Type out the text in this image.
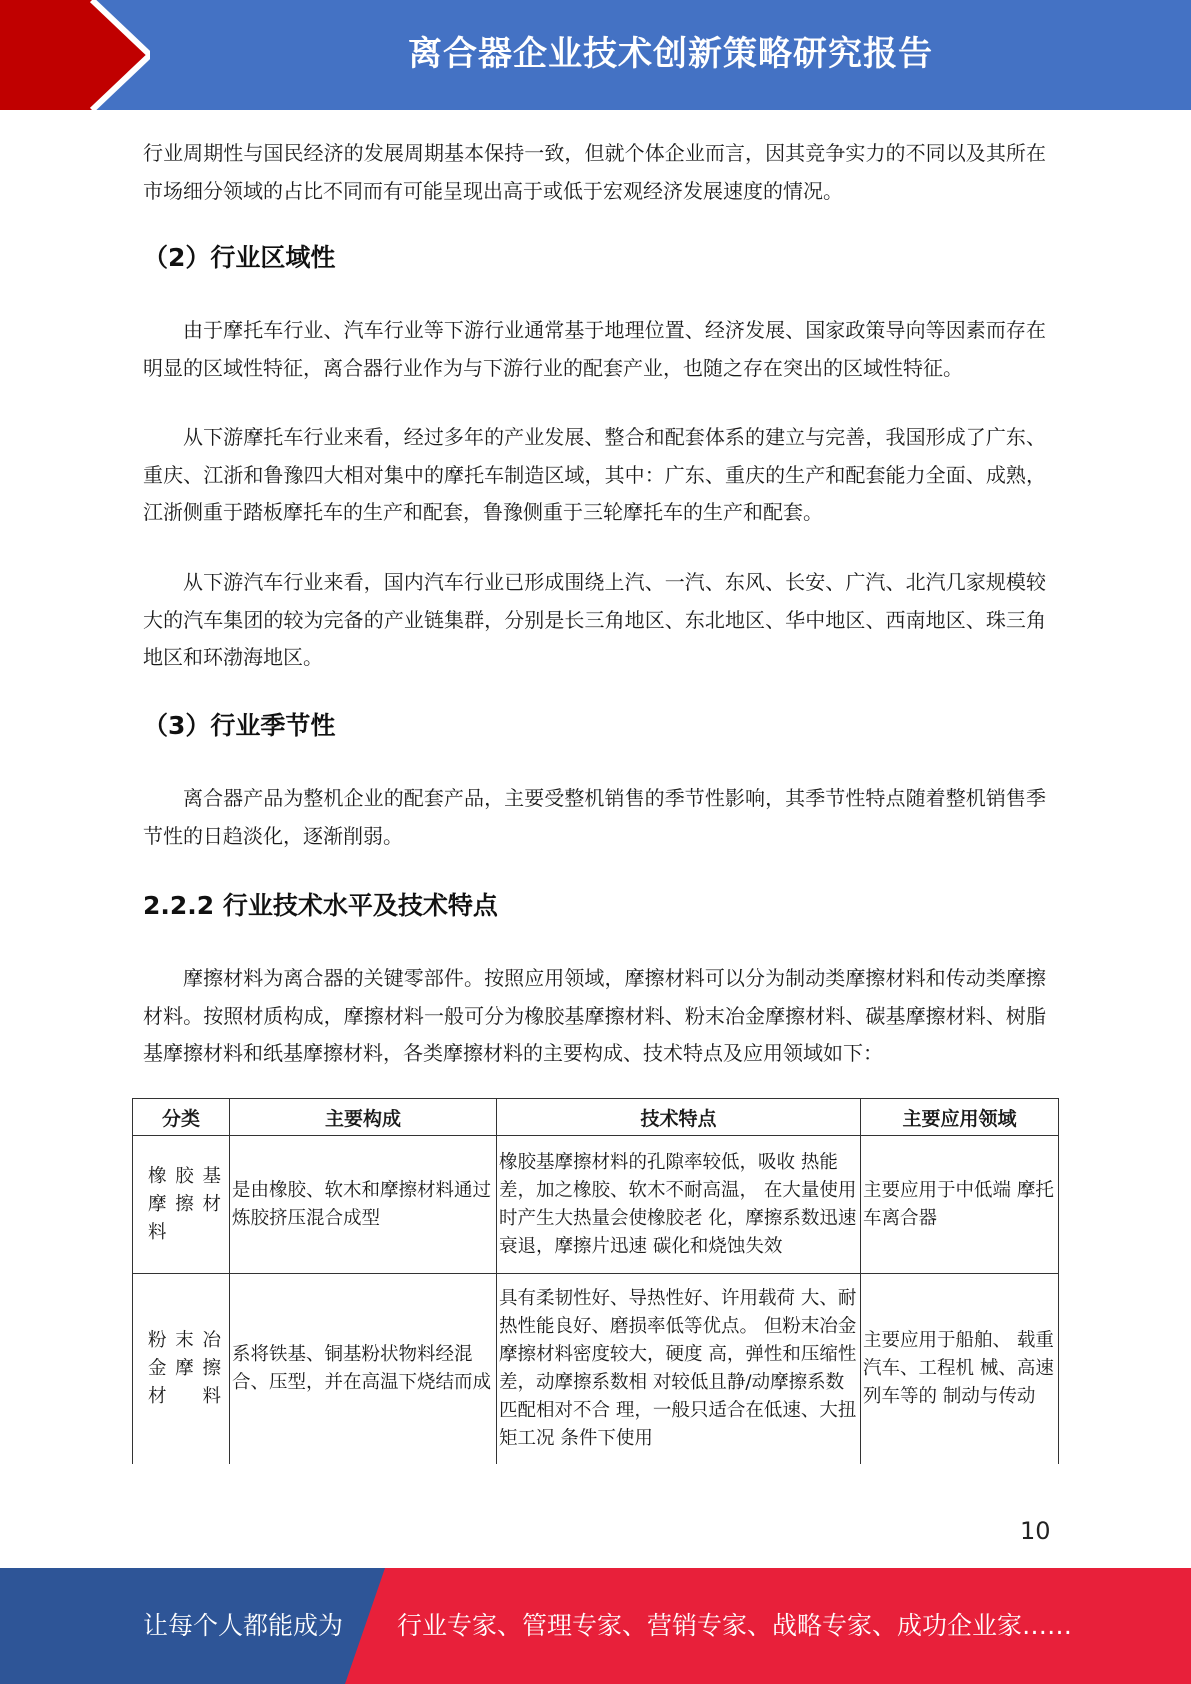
离合器企业技术创新策略研究报告

行业周期性与国民经济的发展周期基本保持一致，但就个体企业而言，因其竞争实力的不同以及其所在市场细分领域的占比不同而有可能呈现出高于或低于宏观经济发展速度的情况。

（2）行业区域性

由于摩托车行业、汽车行业等下游行业通常基于地理位置、经济发展、国家政策导向等因素而存在明显的区域性特征，离合器行业作为与下游行业的配套产业，也随之存在突出的区域性特征。

从下游摩托车行业来看，经过多年的产业发展、整合和配套体系的建立与完善，我国形成了广东、重庆、江浙和鲁豫四大相对集中的摩托车制造区域，其中：广东、重庆的生产和配套能力全面、成熟，江浙侧重于踏板摩托车的生产和配套，鲁豫侧重于三轮摩托车的生产和配套。

从下游汽车行业来看，国内汽车行业已形成围绕上汽、一汽、东风、长安、广汽、北汽几家规模较大的汽车集团的较为完备的产业链集群，分别是长三角地区、东北地区、华中地区、西南地区、珠三角地区和环渤海地区。

（3）行业季节性

离合器产品为整机企业的配套产品，主要受整机销售的季节性影响，其季节性特点随着整机销售季节性的日趋淡化，逐渐削弱。

2.2.2 行业技术水平及技术特点

摩擦材料为离合器的关键零部件。按照应用领域，摩擦材料可以分为制动类摩擦材料和传动类摩擦材料。按照材质构成，摩擦材料一般可分为橡胶基摩擦材料、粉末冶金摩擦材料、碳基摩擦材料、树脂基摩擦材料和纸基摩擦材料，各类摩擦材料的主要构成、技术特点及应用领域如下：

分类	主要构成	技术特点	主要应用领域
橡胶基摩擦材料	是由橡胶、软木和摩擦材料通过炼胶挤压混合成型	橡胶基摩擦材料的孔隙率较低，吸收 热能差，加之橡胶、软木不耐高温， 在大量使用时产生大热量会使橡胶老 化，摩擦系数迅速衰退，摩擦片迅速 碳化和烧蚀失效	主要应用于中低端 摩托车离合器
粉末冶金摩擦材料	系将铁基、铜基粉状物料经混合、压型，并在高温下烧结而成	具有柔韧性好、导热性好、许用载荷 大、耐热性能良好、磨损率低等优点。 但粉末冶金摩擦材料密度较大，硬度 高，弹性和压缩性差，动摩擦系数相 对较低且静/动摩擦系数匹配相对不合 理，一般只适合在低速、大扭矩工况 条件下使用	主要应用于船舶、 载重汽车、工程机 械、高速列车等的 制动与传动
10
让每个人都能成为 行业专家、管理专家、营销专家、战略专家、成功企业家……
